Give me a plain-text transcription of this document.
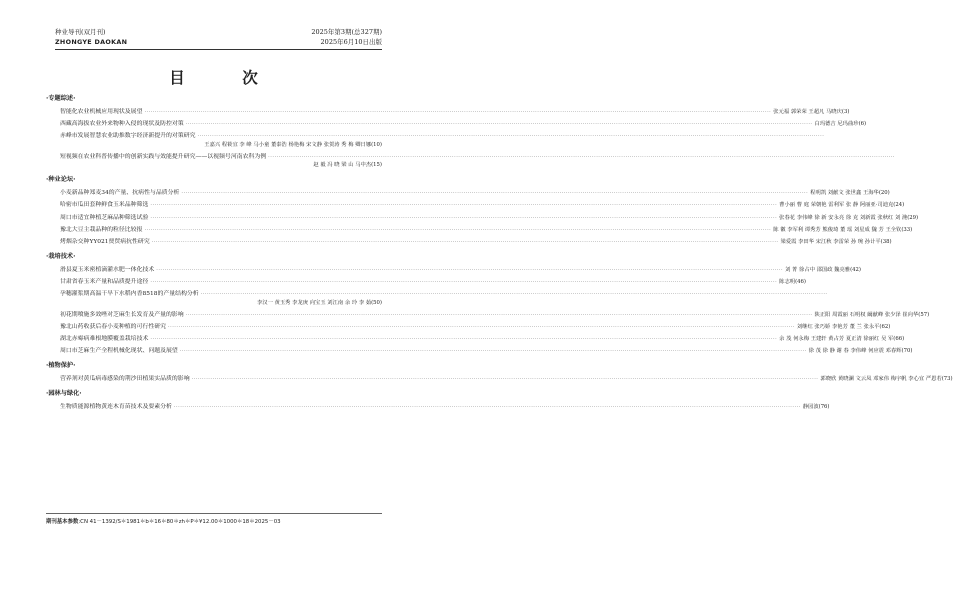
种业导刊(双月刊)
ZHONGYE DAOKAN
2025年第3期(总327期)
2025年6月10日出版
目 次
·专题综述·
智能化农业机械应用现状及展望 ············································································································································································································································································································ 张元福 郭荣荣 王超凡 马晓庆(3)
西藏高海拔农业外来物种入侵的现状及防控对策 ············································································································································································································································································································ 白玛德吉 尼玛曲珍(6)
赤峰市发展智慧农业助推数字经济新提升的对策研究 ············································································································································································································································································································
王嘉兴 程筱宜 李 峰 马小童 董泰浩 杨艳梅 宋文静 张贺涛 秀 梅 卿日娜(10)
短视频在农业科普传播中的创新实践与效能提升研究——以视频号河南农科为例 ············································································································································································································································································································
赵 毅 冯 晓 梁 山 马中杰(15)
·种业论坛·
小麦新品种郑麦34的产量、抗病性与品质分析 ············································································································································································································································································································ 程明凯 刘献文 张世鑫 王海华(20)
哈密市瓜田套种鲜食玉米品种筛选 ············································································································································································································································································································ 曹小丽 曹 庭 荣朝艳 雷利军 张 静 阿丽亚·司迪克(24)
周口市适宜种植芝麻品种筛选试验 ············································································································································································································································································································ 张春花 李伟峰 徐 新 安永亮 徐 克 刘新霞 张秋红 刘 滟(29)
豫北大豆主栽品种的粒径比较报 ············································································································································································································································································································ 陈 徽 李军利 谭秀芳 熊俊琦 董 瑶 刘星成 魏 芳 王全钦(33)
烤烟杂交种YY021贾贸病抗性研究 ············································································································································································································································································································ 梁爱霞 李田华 宋江秋 李雷荣 孙 琬 孙计平(38)
·栽培技术·
滑县夏玉米密植滴灌水肥一体化技术 ············································································································································································································································································································ 刘 菁 徐占中 邵国政 魏亮雅(42)
甘肃省春玉米产量和品质提升途径 ············································································································································································································································································································ 陈志明(46)
孕穗灌浆期高温干旱下水稻内香8518的产量结构分析 ············································································································································································································································································································
李汉一 黄玉秀 李龙庚 向宝玉 刘江南 余 玲 李 茹(50)
初花期喷施多效唑对芝麻生长发育及产量的影响 ············································································································································································································································································································ 陕正阳 周霞丽 石明权 阚献峰 张少泽 崔向华(57)
豫北山药收获后春小麦种植的可行性研究 ············································································································································································································································································································ 刘继红 张巧娇 李艳芳 董 兰 张永平(62)
湖北赤霉病难根地膜覆盖栽培技术 ············································································································································································································································································································ 余 茂 何永梅 王建轩 黄占芳 夏正清 徐丽红 吴 军(66)
周口市芝麻生产全程机械化现状、问题及展望 ············································································································································································································································································································ 徐 茂 徐 静 谢 春 李伟峰 何应震 邓春辉(70)
·植物保护·
营养剂对黄瓜病毒感染的荆沙田植果实品质的影响 ············································································································································································································································································································ 郭晓欣 黄晓澜 文云凤 邓家伟 梅宇帆 李心宜 严恩若(73)
·园林与绿化·
生物质能源植物黄连木育苗技术及要素分析 ············································································································································································································································································································ 静园波(76)
期刊基本参数:CN 41－1392/S＊1981＊b＊16＊80＊zh＊P＊¥12.00＊1000＊18＊2025－03
